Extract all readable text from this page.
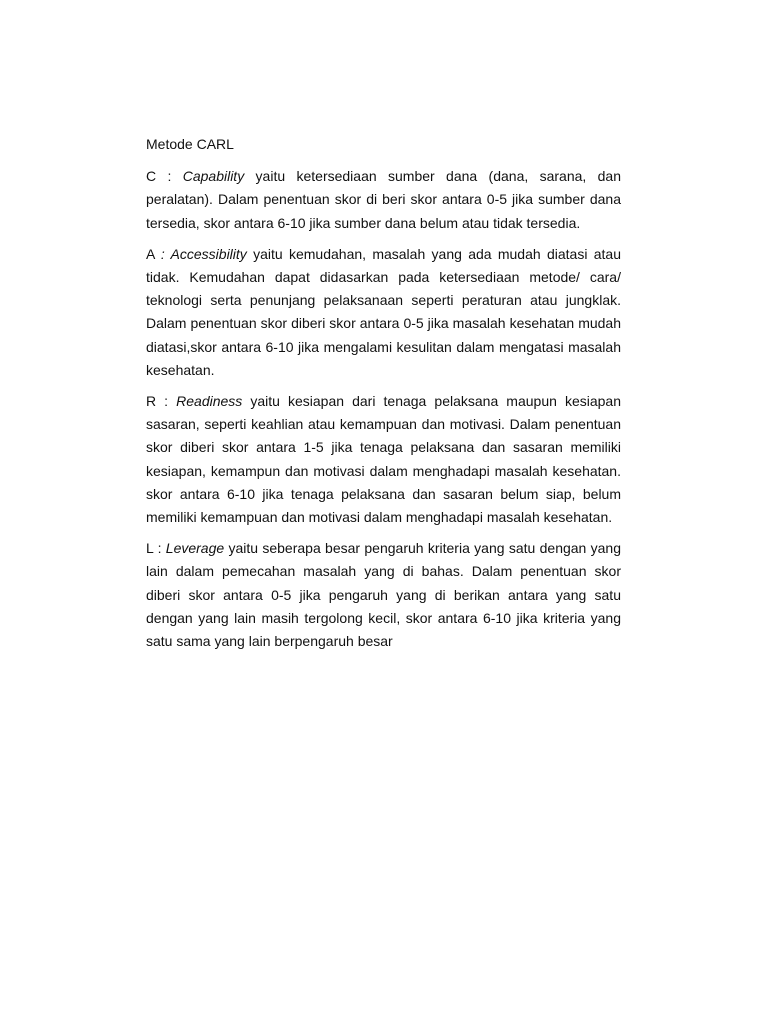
Metode CARL

C : Capability yaitu ketersediaan sumber dana (dana, sarana, dan peralatan). Dalam penentuan skor di beri skor antara 0-5 jika sumber dana tersedia, skor antara 6-10 jika sumber dana belum atau tidak tersedia.

A : Accessibility yaitu kemudahan, masalah yang ada mudah diatasi atau tidak. Kemudahan dapat didasarkan pada ketersediaan metode/ cara/ teknologi serta penunjang pelaksanaan seperti peraturan atau jungklak. Dalam penentuan skor diberi skor antara 0-5 jika masalah kesehatan mudah diatasi,skor antara 6-10 jika mengalami kesulitan dalam mengatasi masalah kesehatan.

R : Readiness yaitu kesiapan dari tenaga pelaksana maupun kesiapan sasaran, seperti keahlian atau kemampuan dan motivasi. Dalam penentuan skor diberi skor antara 1-5 jika tenaga pelaksana dan sasaran memiliki kesiapan, kemampun dan motivasi dalam menghadapi masalah kesehatan. skor antara 6-10 jika tenaga pelaksana dan sasaran belum siap, belum memiliki kemampuan dan motivasi dalam menghadapi masalah kesehatan.

L : Leverage yaitu seberapa besar pengaruh kriteria yang satu dengan yang lain dalam pemecahan masalah yang di bahas. Dalam penentuan skor diberi skor antara 0-5 jika pengaruh yang di berikan antara yang satu dengan yang lain masih tergolong kecil, skor antara 6-10 jika kriteria yang satu sama yang lain berpengaruh besar
